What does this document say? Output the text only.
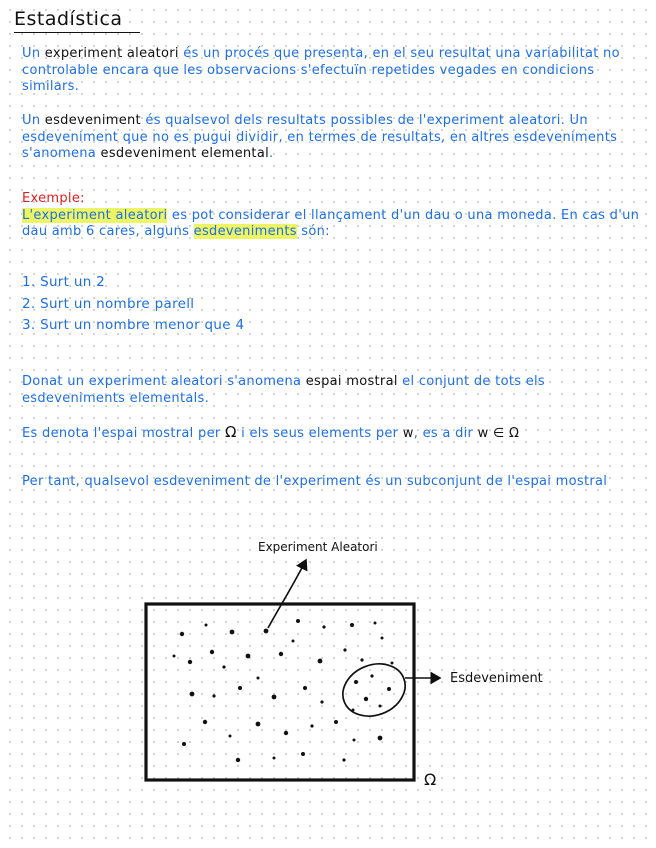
Estadística

Un experiment aleatori és un procés que presenta, en el seu resultat una variabilitat no controlable encara que les observacions s'efectuïn repetides vegades en condicions similars.

Un esdeveniment és qualsevol dels resultats possibles de l'experiment aleatori. Un esdeveniment que no es pugui dividir, en termes de resultats, en altres esdeveniments s'anomena esdeveniment elemental.

Exemple:
L'experiment aleatori es pot considerar el llançament d'un dau o una moneda. En cas d'un dau amb 6 cares, alguns esdeveniments són:

1. Surt un 2
2. Surt un nombre parell
3. Surt un nombre menor que 4

Donat un experiment aleatori s'anomena espai mostral el conjunt de tots els esdeveniments elementals.

Es denota l'espai mostral per Ω i els seus elements per w, es a dir w ∈ Ω

Per tant, qualsevol esdeveniment de l'experiment és un subconjunt de l'espai mostral

Experiment Aleatori
Esdeveniment
Ω
